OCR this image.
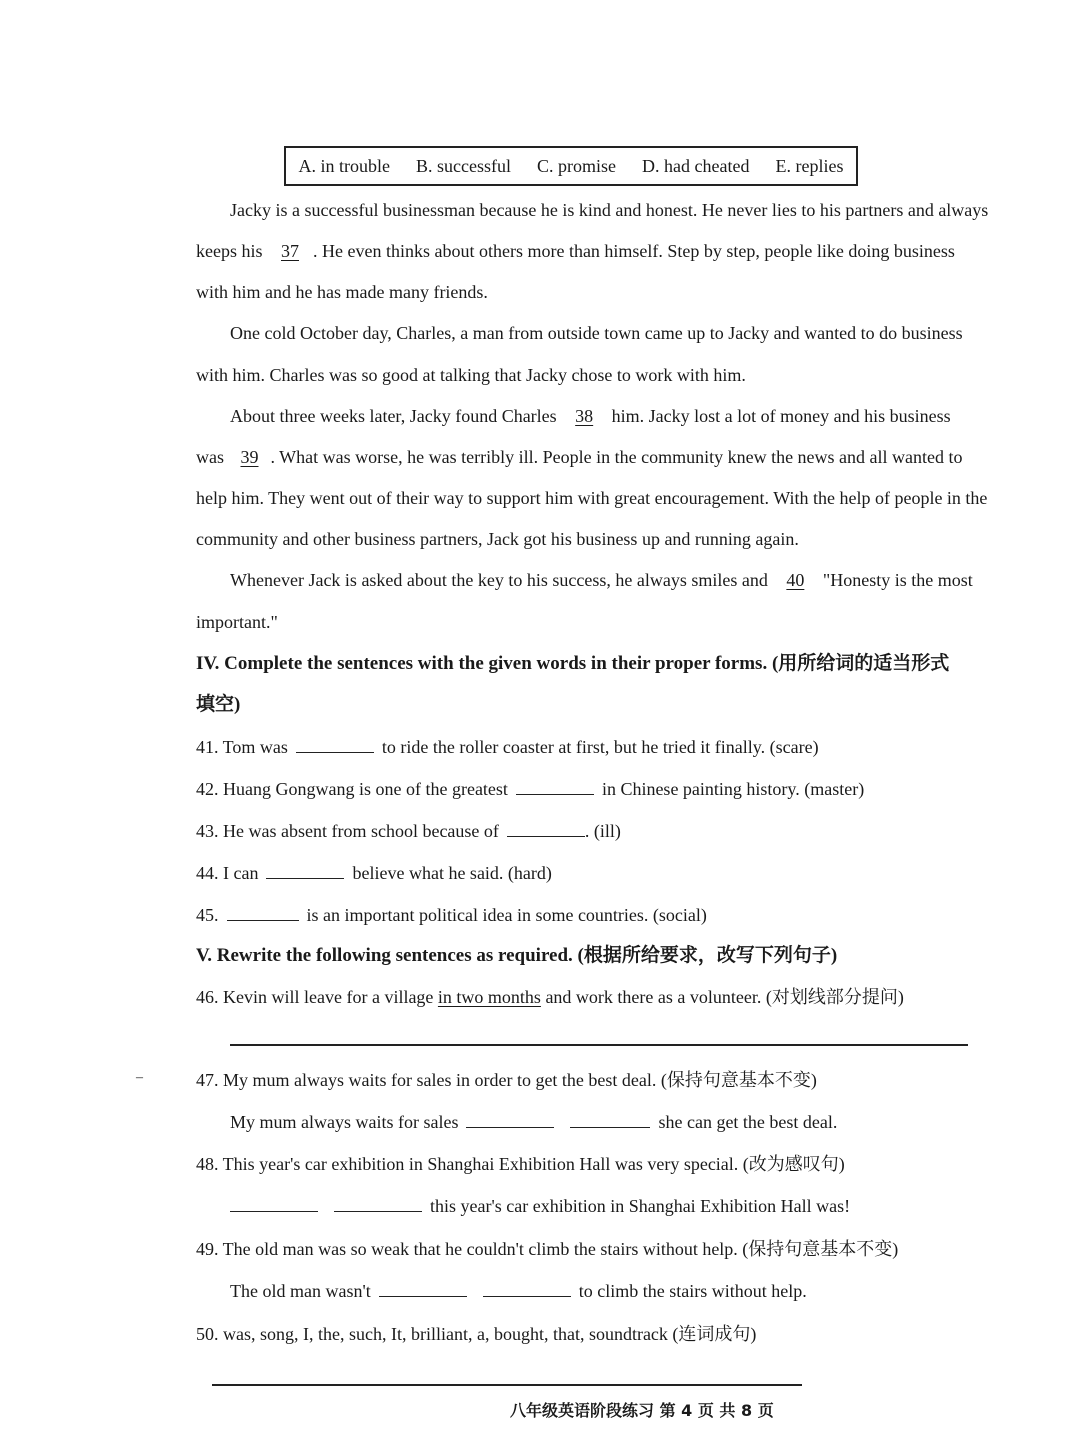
A. in trouble B. successful C. promise D. had cheated E. replies
Jacky is a successful businessman because he is kind and honest. He never lies to his partners and always
keeps his 37 . He even thinks about others more than himself. Step by step, people like doing business
with him and he has made many friends.
One cold October day, Charles, a man from outside town came up to Jacky and wanted to do business
with him. Charles was so good at talking that Jacky chose to work with him.
About three weeks later, Jacky found Charles 38 him. Jacky lost a lot of money and his business
was 39 . What was worse, he was terribly ill. People in the community knew the news and all wanted to
help him. They went out of their way to support him with great encouragement. With the help of people in the
community and other business partners, Jack got his business up and running again.
Whenever Jack is asked about the key to his success, he always smiles and 40 "Honesty is the most
important."
IV. Complete the sentences with the given words in their proper forms. (用所给词的适当形式
填空)
41. Tom was	to ride the roller coaster at first, but he tried it finally. (scare)
42. Huang Gongwang is one of the greatest	in Chinese painting history. (master)
43. He was absent from school because of	. (ill)
44. I can	believe what he said. (hard)
45.	is an important political idea in some countries. (social)
V. Rewrite the following sentences as required. (根据所给要求，改写下列句子)
46. Kevin will leave for a village in two months and work there as a volunteer. (对划线部分提问)
–	47. My mum always waits for sales in order to get the best deal. (保持句意基本不变)
My mum always waits for sales	she can get the best deal.
48. This year's car exhibition in Shanghai Exhibition Hall was very special. (改为感叹句)
this year's car exhibition in Shanghai Exhibition Hall was!
49. The old man was so weak that he couldn't climb the stairs without help. (保持句意基本不变)
The old man wasn't	to climb the stairs without help.
50. was, song, I, the, such, It, brilliant, a, bought, that, soundtrack (连词成句)
八年级英语阶段练习 第 4 页 共 8 页
